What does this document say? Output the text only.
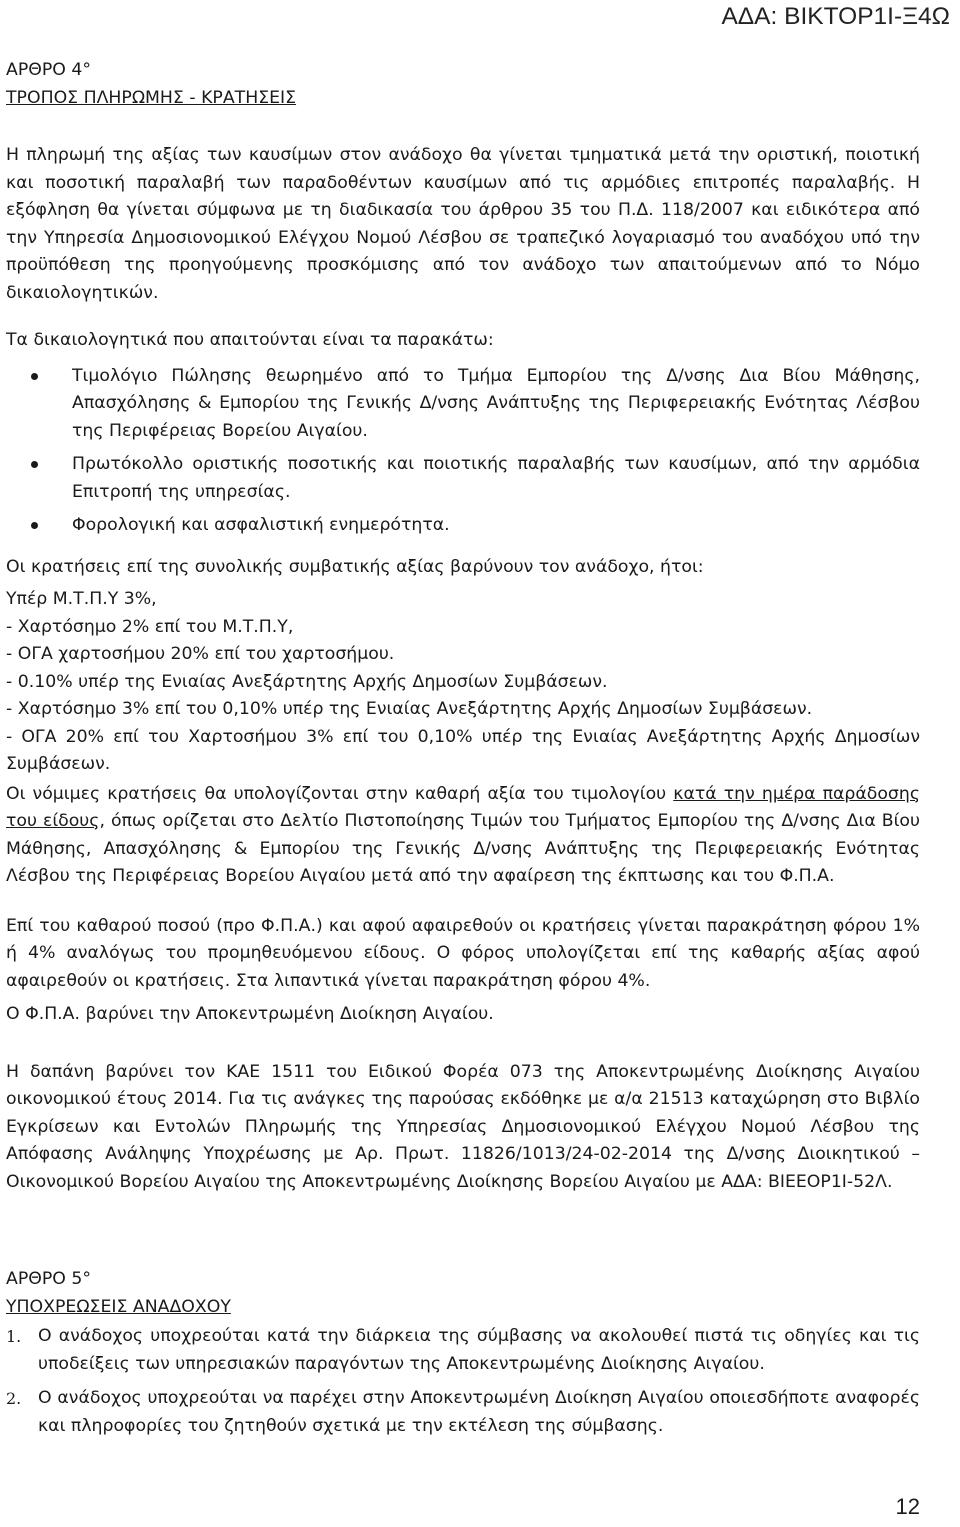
ΑΔΑ: ΒΙΚΤΟΡ1Ι-Ξ4Ω
ΑΡΘΡΟ 4°
ΤΡΟΠΟΣ ΠΛΗΡΩΜΗΣ - ΚΡΑΤΗΣΕΙΣ

Η πληρωμή της αξίας των καυσίμων στον ανάδοχο θα γίνεται τμηματικά μετά την οριστική, ποιοτική και ποσοτική παραλαβή των παραδοθέντων καυσίμων από τις αρμόδιες επιτροπές παραλαβής. Η εξόφληση θα γίνεται σύμφωνα με τη διαδικασία του άρθρου 35 του Π.Δ. 118/2007 και ειδικότερα από την Υπηρεσία Δημοσιονομικού Ελέγχου Νομού Λέσβου σε τραπεζικό λογαριασμό του αναδόχου υπό την προϋπόθεση της προηγούμενης προσκόμισης από τον ανάδοχο των απαιτούμενων από το Νόμο δικαιολογητικών.

Τα δικαιολογητικά που απαιτούνται είναι τα παρακάτω:

Τιμολόγιο Πώλησης θεωρημένο από το Τμήμα Εμπορίου της Δ/νσης Δια Βίου Μάθησης, Απασχόλησης & Εμπορίου της Γενικής Δ/νσης Ανάπτυξης της Περιφερειακής Ενότητας Λέσβου της Περιφέρειας Βορείου Αιγαίου.
Πρωτόκολλο οριστικής ποσοτικής και ποιοτικής παραλαβής των καυσίμων, από την αρμόδια Επιτροπή της υπηρεσίας.
Φορολογική και ασφαλιστική ενημερότητα.

Οι κρατήσεις επί της συνολικής συμβατικής αξίας βαρύνουν τον ανάδοχο, ήτοι:

Υπέρ Μ.Τ.Π.Υ 3%,

- Χαρτόσημο 2% επί του Μ.Τ.Π.Υ,

- ΟΓΑ χαρτοσήμου 20% επί του χαρτοσήμου.

- 0.10% υπέρ της Ενιαίας Ανεξάρτητης Αρχής Δημοσίων Συμβάσεων.

- Χαρτόσημο 3% επί του 0,10% υπέρ της Ενιαίας Ανεξάρτητης Αρχής Δημοσίων Συμβάσεων.

- ΟΓΑ 20% επί του Χαρτοσήμου 3% επί του 0,10% υπέρ της Ενιαίας Ανεξάρτητης Αρχής Δημοσίων Συμβάσεων.

Οι νόμιμες κρατήσεις θα υπολογίζονται στην καθαρή αξία του τιμολογίου κατά την ημέρα παράδοσης του είδους, όπως ορίζεται στο Δελτίο Πιστοποίησης Τιμών του Τμήματος Εμπορίου της Δ/νσης Δια Βίου Μάθησης, Απασχόλησης & Εμπορίου της Γενικής Δ/νσης Ανάπτυξης της Περιφερειακής Ενότητας Λέσβου της Περιφέρειας Βορείου Αιγαίου μετά από την αφαίρεση της έκπτωσης και του Φ.Π.Α.

Επί του καθαρού ποσού (προ Φ.Π.Α.) και αφού αφαιρεθούν οι κρατήσεις γίνεται παρακράτηση φόρου 1% ή 4% αναλόγως του προμηθευόμενου είδους. Ο φόρος υπολογίζεται επί της καθαρής αξίας αφού αφαιρεθούν οι κρατήσεις. Στα λιπαντικά γίνεται παρακράτηση φόρου 4%.

Ο Φ.Π.Α. βαρύνει την Αποκεντρωμένη Διοίκηση Αιγαίου.

Η δαπάνη βαρύνει τον ΚΑΕ 1511 του Ειδικού Φορέα 073 της Αποκεντρωμένης Διοίκησης Αιγαίου οικονομικού έτους 2014. Για τις ανάγκες της παρούσας εκδόθηκε με α/α 21513 καταχώρηση στο Βιβλίο Εγκρίσεων και Εντολών Πληρωμής της Υπηρεσίας Δημοσιονομικού Ελέγχου Νομού Λέσβου της Απόφασης Ανάληψης Υποχρέωσης με Αρ. Πρωτ. 11826/1013/24-02-2014 της Δ/νσης Διοικητικού – Οικονομικού Βορείου Αιγαίου της Αποκεντρωμένης Διοίκησης Βορείου Αιγαίου με ΑΔΑ: ΒΙΕΕΟΡ1Ι-52Λ.

ΑΡΘΡΟ 5°
ΥΠΟΧΡΕΩΣΕΙΣ ΑΝΑΔΟΧΟΥ
1. Ο ανάδοχος υποχρεούται κατά την διάρκεια της σύμβασης να ακολουθεί πιστά τις οδηγίες και τις υποδείξεις των υπηρεσιακών παραγόντων της Αποκεντρωμένης Διοίκησης Αιγαίου.
2. Ο ανάδοχος υποχρεούται να παρέχει στην Αποκεντρωμένη Διοίκηση Αιγαίου οποιεσδήποτε αναφορές και πληροφορίες του ζητηθούν σχετικά με την εκτέλεση της σύμβασης.
12
